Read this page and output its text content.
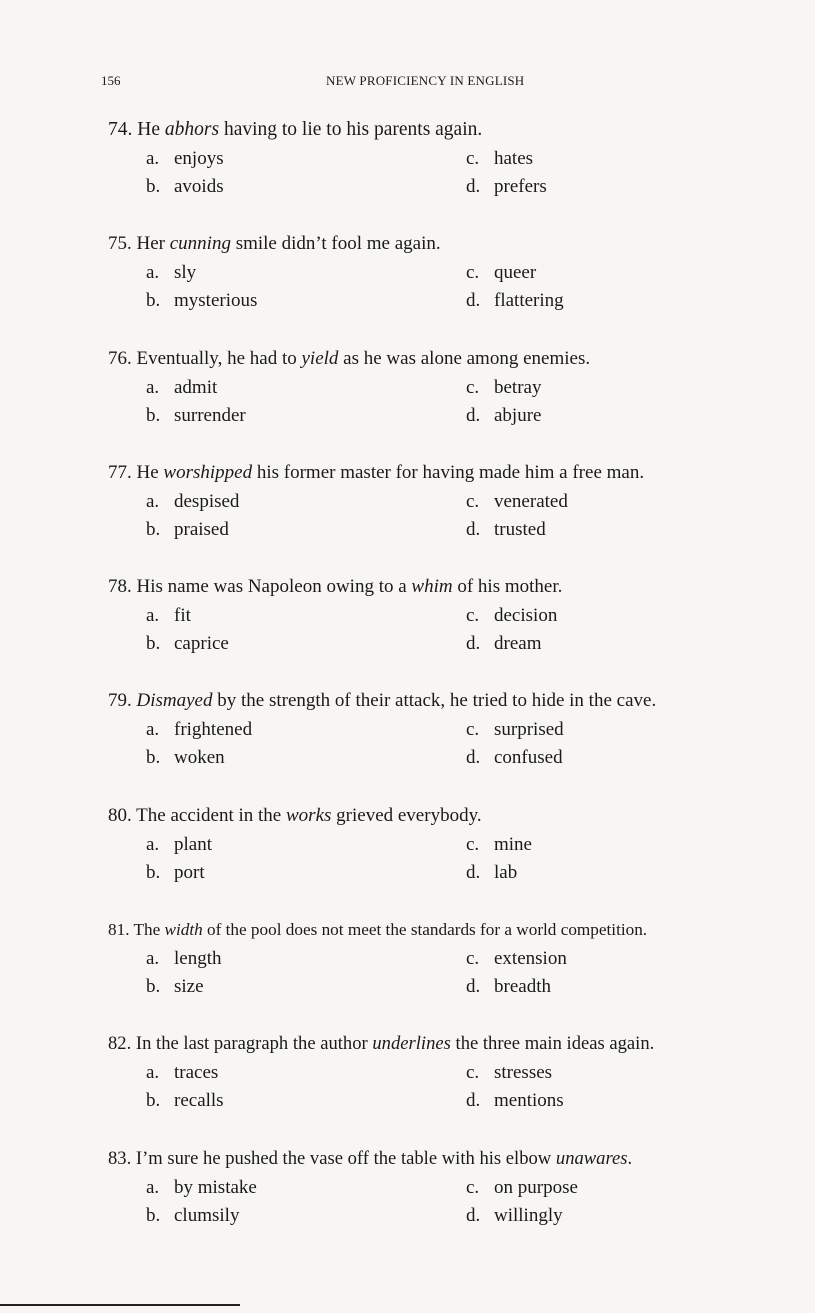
156	NEW PROFICIENCY IN ENGLISH
74. He abhors having to lie to his parents again.
a. enjoys
b. avoids
c. hates
d. prefers
75. Her cunning smile didn’t fool me again.
a. sly
b. mysterious
c. queer
d. flattering
76. Eventually, he had to yield as he was alone among enemies.
a. admit
b. surrender
c. betray
d. abjure
77. He worshipped his former master for having made him a free man.
a. despised
b. praised
c. venerated
d. trusted
78. His name was Napoleon owing to a whim of his mother.
a. fit
b. caprice
c. decision
d. dream
79. Dismayed by the strength of their attack, he tried to hide in the cave.
a. frightened
b. woken
c. surprised
d. confused
80. The accident in the works grieved everybody.
a. plant
b. port
c. mine
d. lab
81. The width of the pool does not meet the standards for a world competition.
a. length
b. size
c. extension
d. breadth
82. In the last paragraph the author underlines the three main ideas again.
a. traces
b. recalls
c. stresses
d. mentions
83. I’m sure he pushed the vase off the table with his elbow unawares.
a. by mistake
b. clumsily
c. on purpose
d. willingly
